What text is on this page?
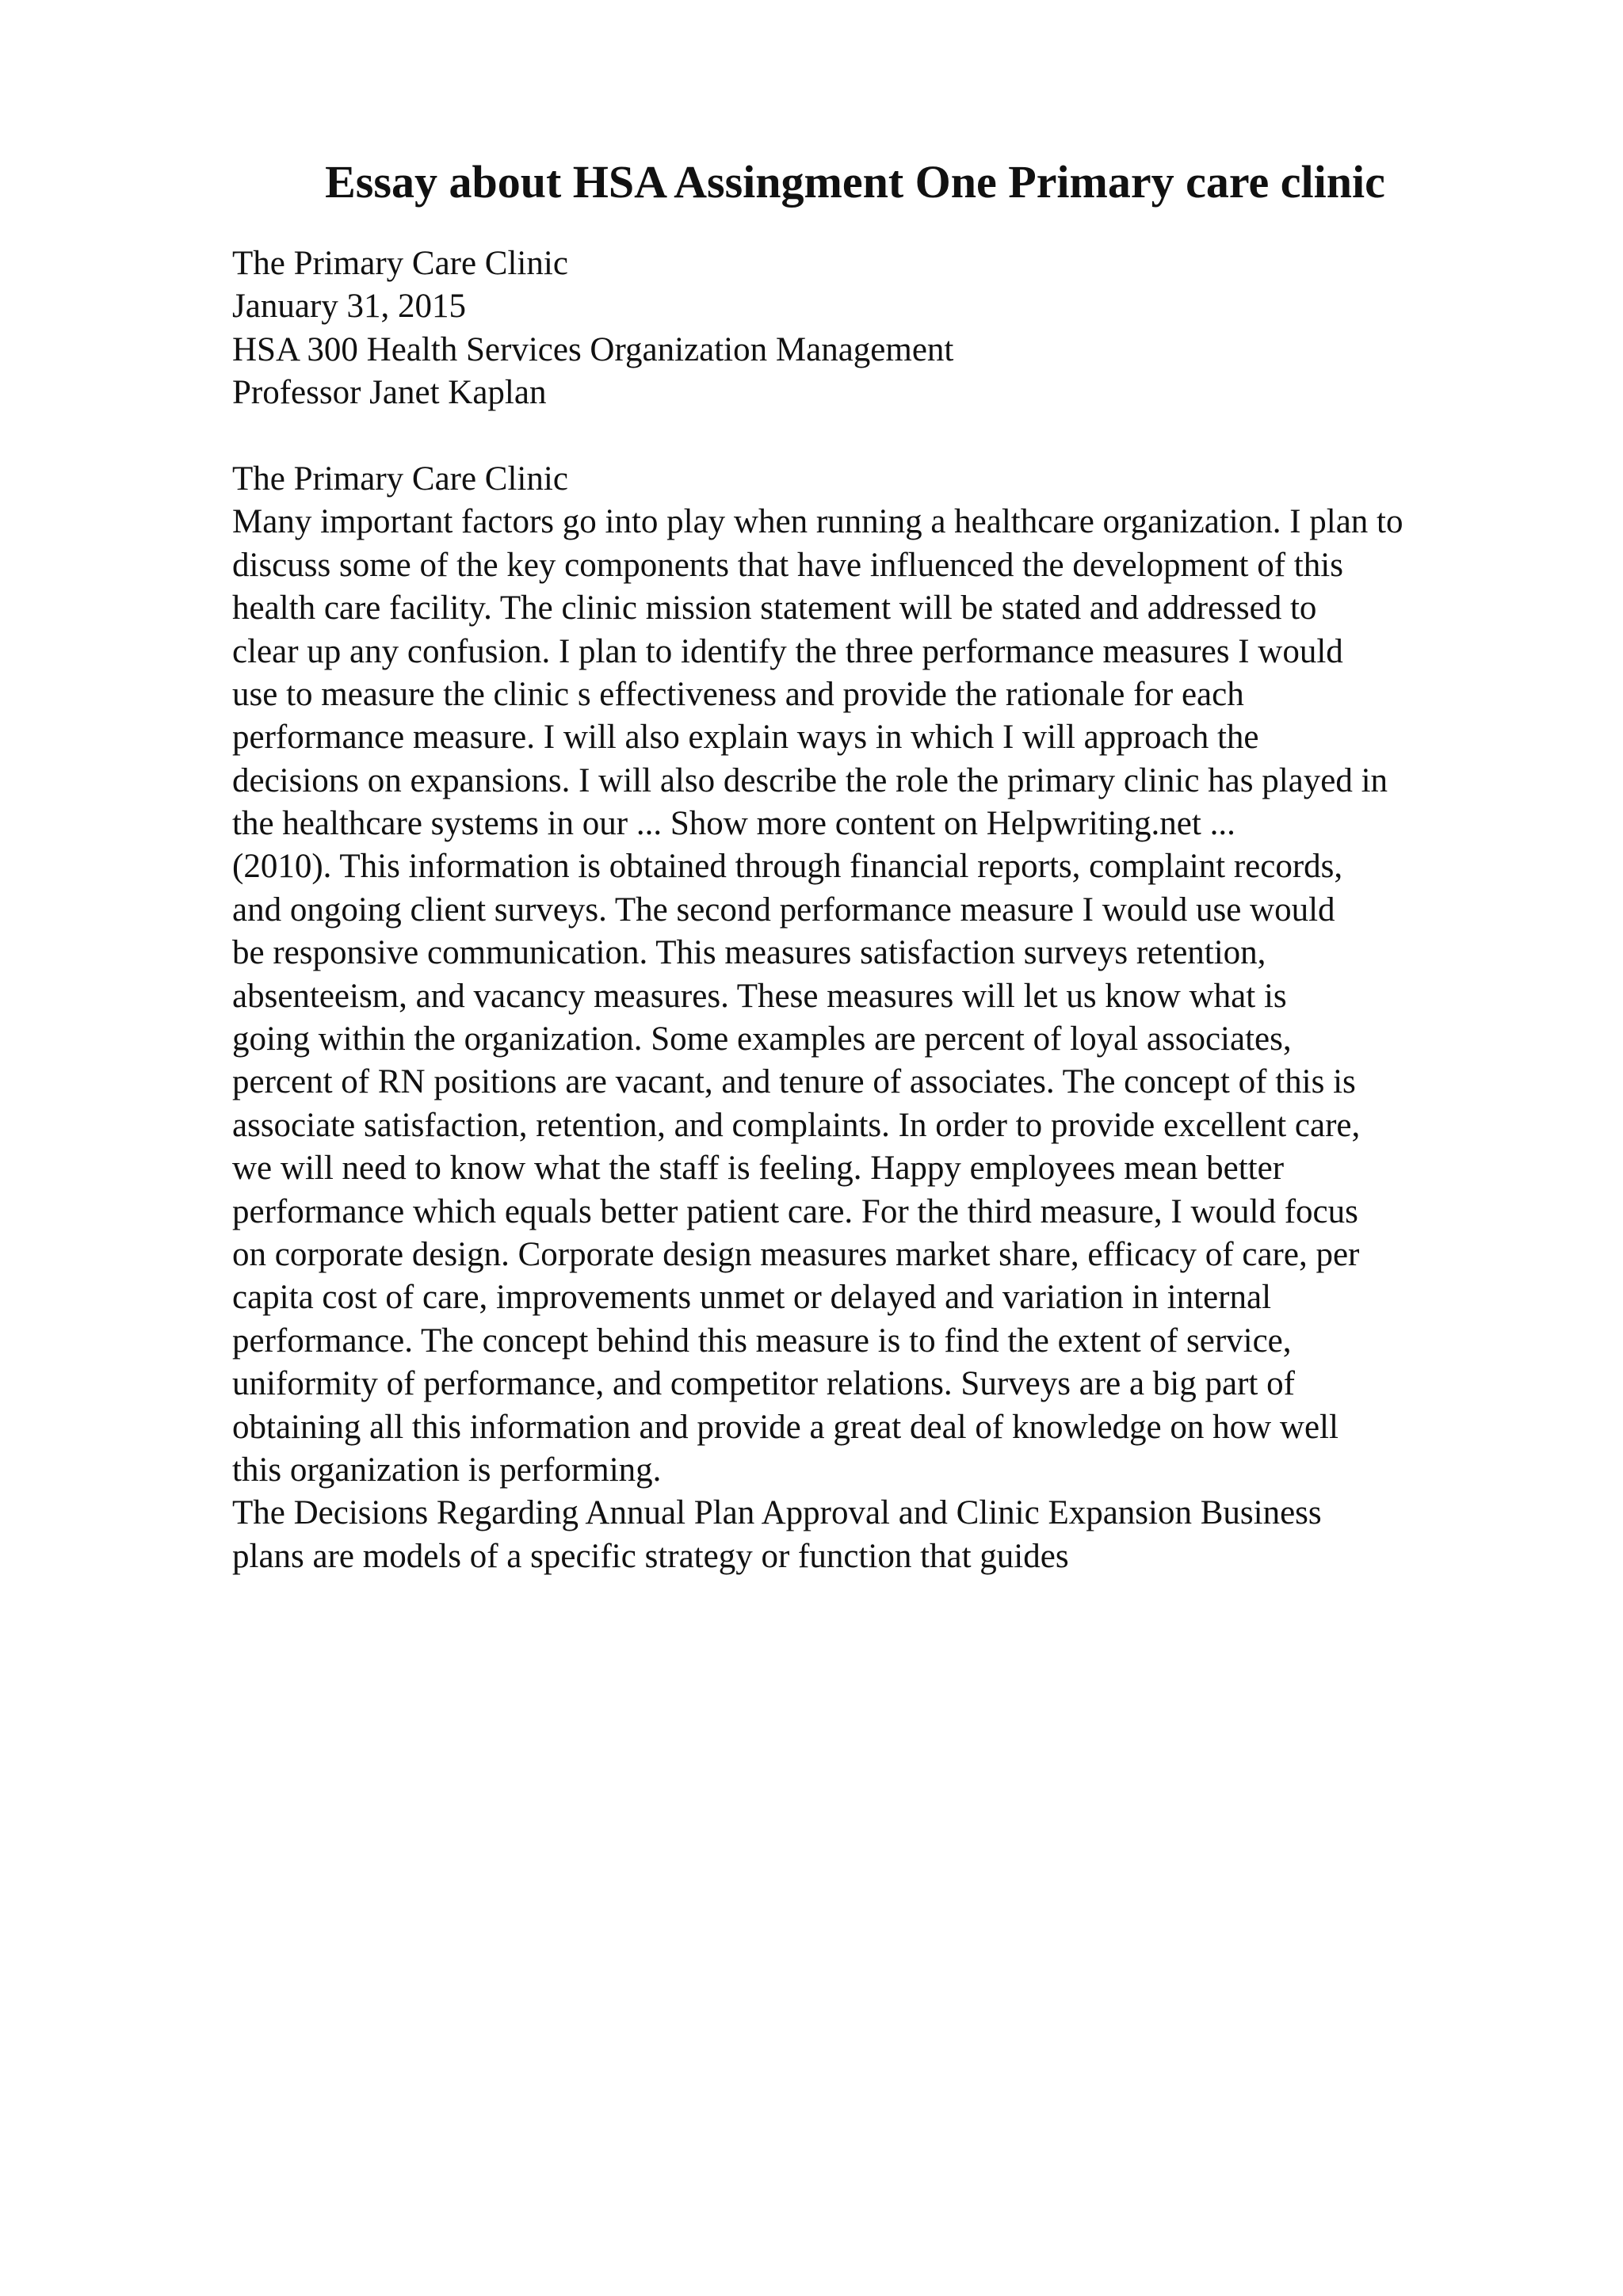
Essay about HSA Assingment One Primary care clinic
The Primary Care Clinic
January 31, 2015
HSA 300 Health Services Organization Management
Professor Janet Kaplan
The Primary Care Clinic
Many important factors go into play when running a healthcare organization. I plan to
discuss some of the key components that have influenced the development of this
health care facility. The clinic mission statement will be stated and addressed to
clear up any confusion. I plan to identify the three performance measures I would
use to measure the clinic s effectiveness and provide the rationale for each
performance measure. I will also explain ways in which I will approach the
decisions on expansions. I will also describe the role the primary clinic has played in
the healthcare systems in our ... Show more content on Helpwriting.net ...
(2010). This information is obtained through financial reports, complaint records,
and ongoing client surveys. The second performance measure I would use would
be responsive communication. This measures satisfaction surveys retention,
absenteeism, and vacancy measures. These measures will let us know what is
going within the organization. Some examples are percent of loyal associates,
percent of RN positions are vacant, and tenure of associates. The concept of this is
associate satisfaction, retention, and complaints. In order to provide excellent care,
we will need to know what the staff is feeling. Happy employees mean better
performance which equals better patient care. For the third measure, I would focus
on corporate design. Corporate design measures market share, efficacy of care, per
capita cost of care, improvements unmet or delayed and variation in internal
performance. The concept behind this measure is to find the extent of service,
uniformity of performance, and competitor relations. Surveys are a big part of
obtaining all this information and provide a great deal of knowledge on how well
this organization is performing.
The Decisions Regarding Annual Plan Approval and Clinic Expansion Business
plans are models of a specific strategy or function that guides
